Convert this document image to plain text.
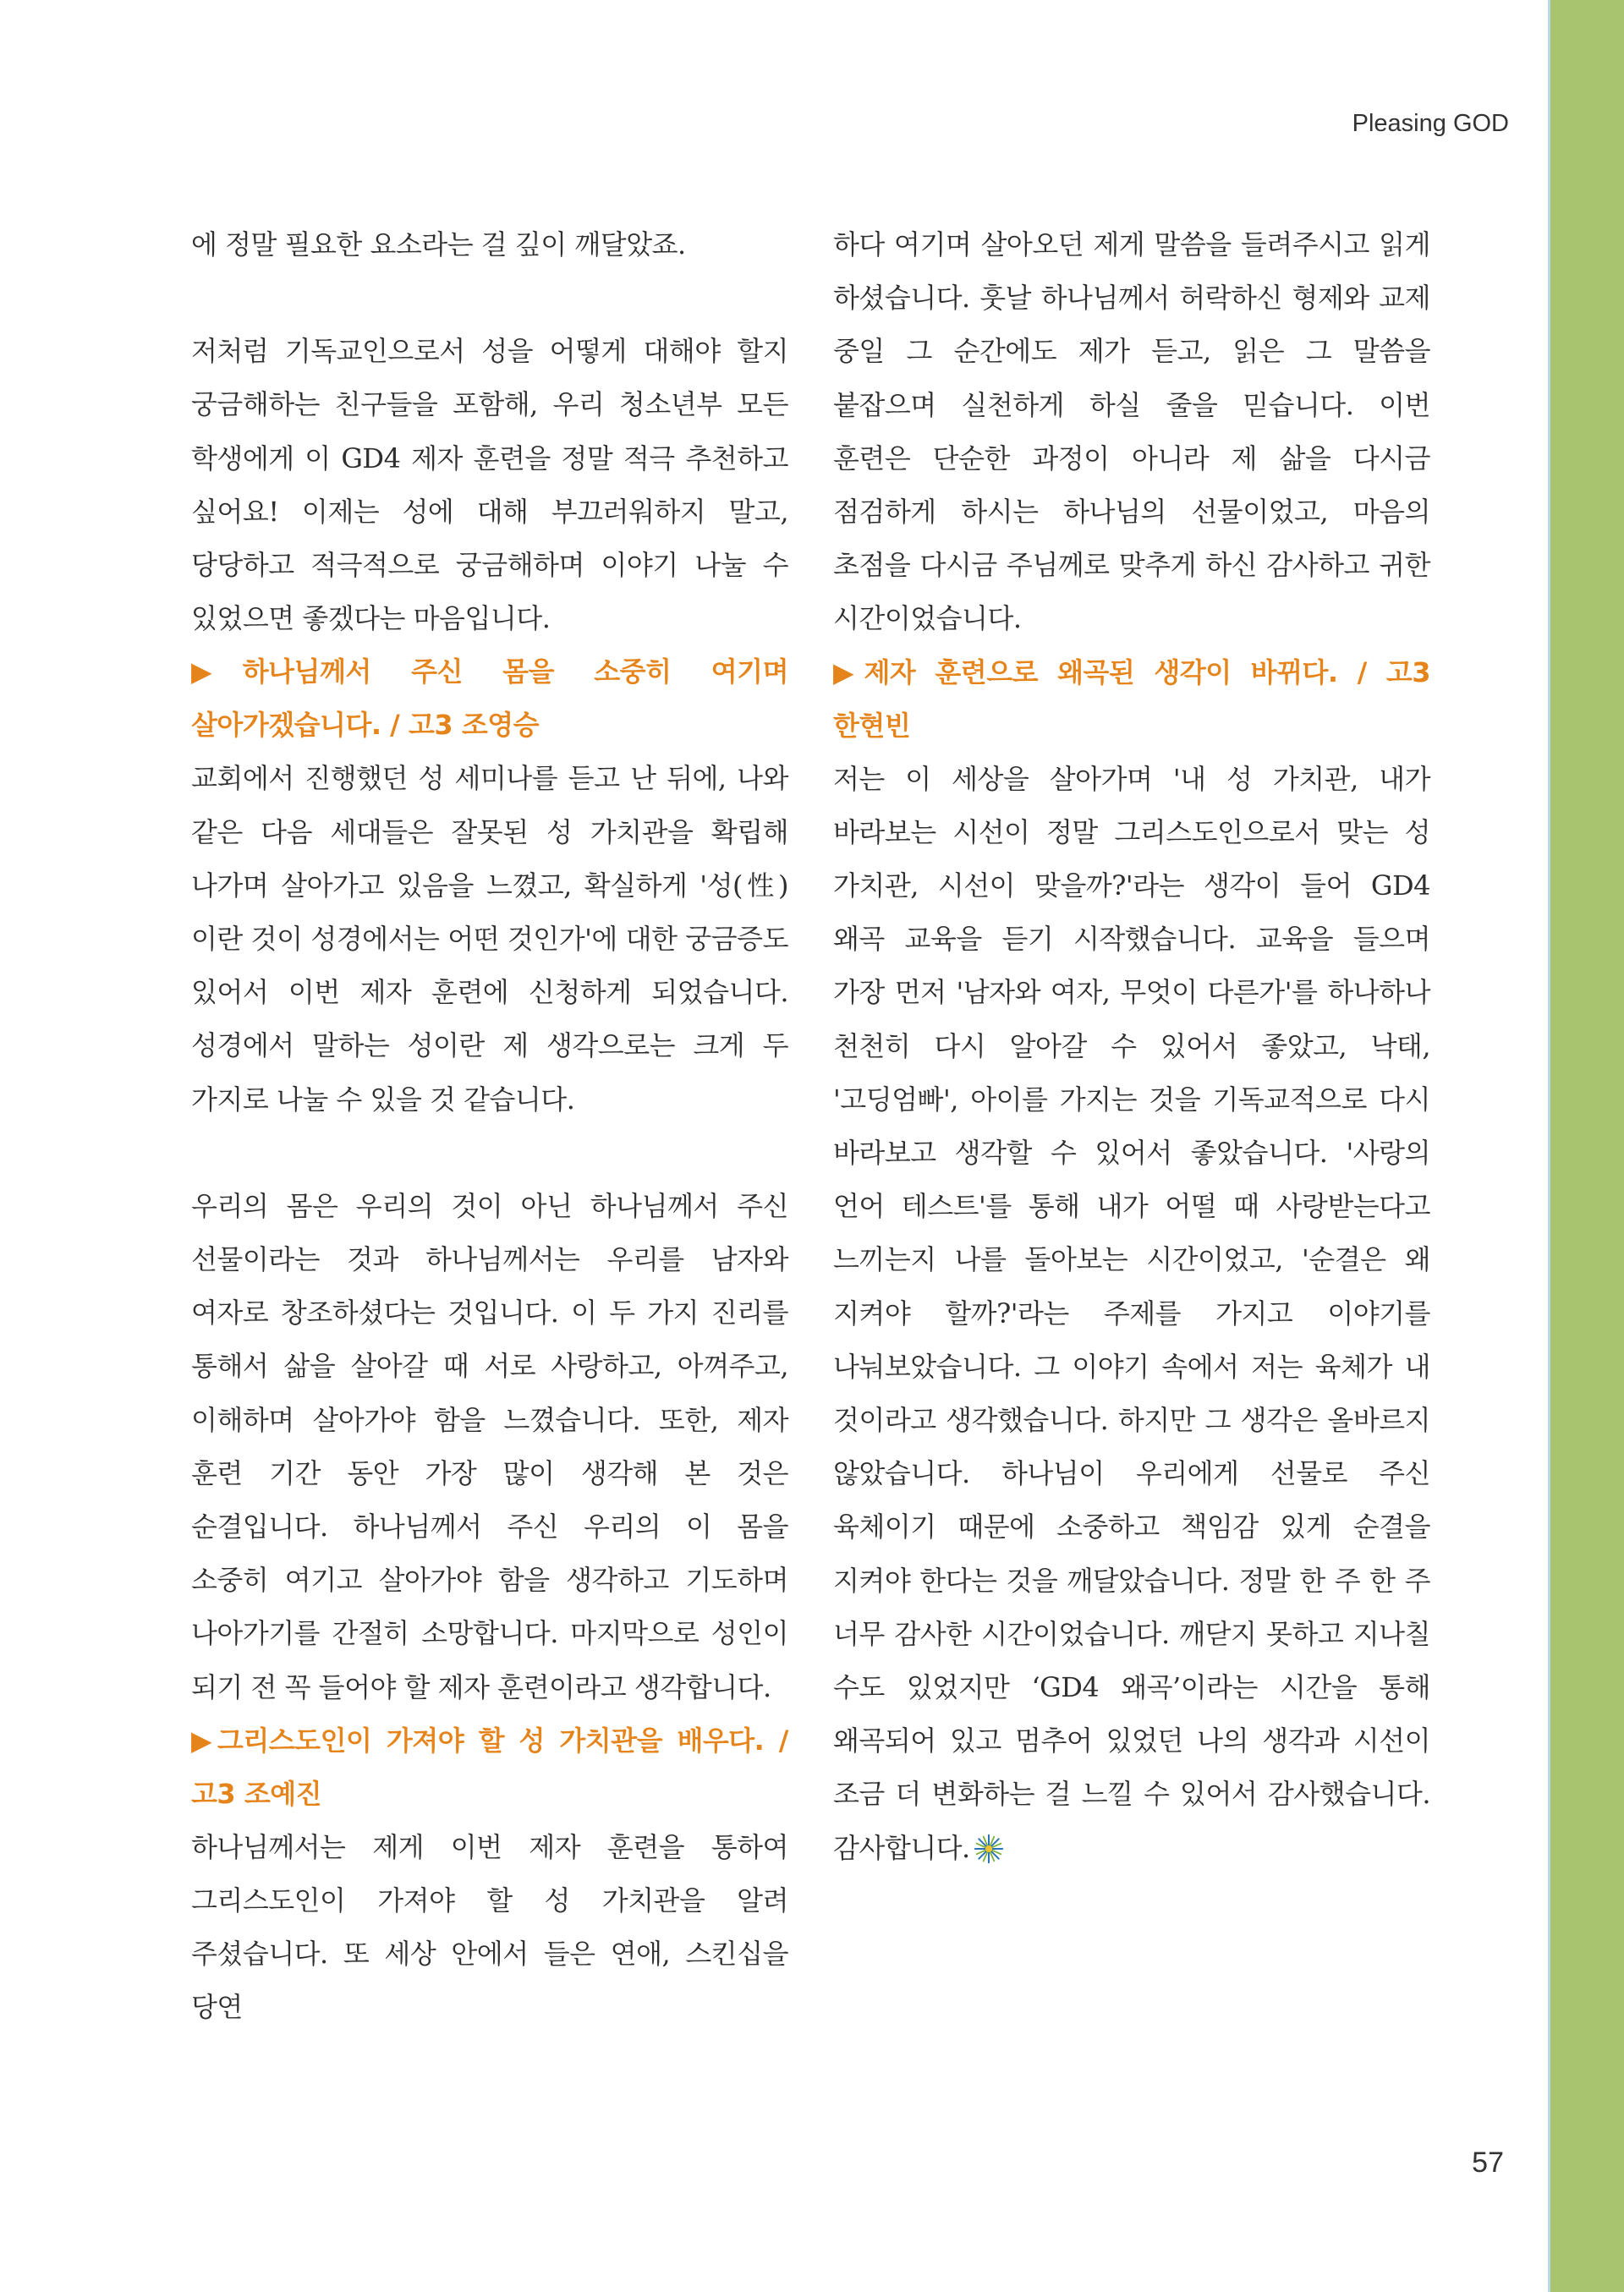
Pleasing GOD

에 정말 필요한 요소라는 걸 깊이 깨달았죠.

저처럼 기독교인으로서 성을 어떻게 대해야 할지 궁금해하는 친구들을 포함해, 우리 청소년부 모든 학생에게 이 GD4 제자 훈련을 정말 적극 추천하고 싶어요! 이제는 성에 대해 부끄러워하지 말고, 당당하고 적극적으로 궁금해하며 이야기 나눌 수 있었으면 좋겠다는 마음입니다.

▶하나님께서 주신 몸을 소중히 여기며 살아가겠습니다. / 고3 조영승

교회에서 진행했던 성 세미나를 듣고 난 뒤에, 나와 같은 다음 세대들은 잘못된 성 가치관을 확립해 나가며 살아가고 있음을 느꼈고, 확실하게 '성(性)이란 것이 성경에서는 어떤 것인가'에 대한 궁금증도 있어서 이번 제자 훈련에 신청하게 되었습니다. 성경에서 말하는 성이란 제 생각으로는 크게 두 가지로 나눌 수 있을 것 같습니다.

우리의 몸은 우리의 것이 아닌 하나님께서 주신 선물이라는 것과 하나님께서는 우리를 남자와 여자로 창조하셨다는 것입니다. 이 두 가지 진리를 통해서 삶을 살아갈 때 서로 사랑하고, 아껴주고, 이해하며 살아가야 함을 느꼈습니다. 또한, 제자 훈련 기간 동안 가장 많이 생각해 본 것은 순결입니다. 하나님께서 주신 우리의 이 몸을 소중히 여기고 살아가야 함을 생각하고 기도하며 나아가기를 간절히 소망합니다. 마지막으로 성인이 되기 전 꼭 들어야 할 제자 훈련이라고 생각합니다.

▶그리스도인이 가져야 할 성 가치관을 배우다. / 고3 조예진

하나님께서는 제게 이번 제자 훈련을 통하여 그리스도인이 가져야 할 성 가치관을 알려 주셨습니다. 또 세상 안에서 들은 연애, 스킨십을 당연

하다 여기며 살아오던 제게 말씀을 들려주시고 읽게 하셨습니다. 훗날 하나님께서 허락하신 형제와 교제 중일 그 순간에도 제가 듣고, 읽은 그 말씀을 붙잡으며 실천하게 하실 줄을 믿습니다. 이번 훈련은 단순한 과정이 아니라 제 삶을 다시금 점검하게 하시는 하나님의 선물이었고, 마음의 초점을 다시금 주님께로 맞추게 하신 감사하고 귀한 시간이었습니다.

▶제자 훈련으로 왜곡된 생각이 바뀌다. / 고3 한현빈

저는 이 세상을 살아가며 '내 성 가치관, 내가 바라보는 시선이 정말 그리스도인으로서 맞는 성 가치관, 시선이 맞을까?'라는 생각이 들어 GD4 왜곡 교육을 듣기 시작했습니다. 교육을 들으며 가장 먼저 '남자와 여자, 무엇이 다른가'를 하나하나 천천히 다시 알아갈 수 있어서 좋았고, 낙태, '고딩엄빠', 아이를 가지는 것을 기독교적으로 다시 바라보고 생각할 수 있어서 좋았습니다. '사랑의 언어 테스트'를 통해 내가 어떨 때 사랑받는다고 느끼는지 나를 돌아보는 시간이었고, '순결은 왜 지켜야 할까?'라는 주제를 가지고 이야기를 나눠보았습니다. 그 이야기 속에서 저는 육체가 내 것이라고 생각했습니다. 하지만 그 생각은 올바르지 않았습니다. 하나님이 우리에게 선물로 주신 육체이기 때문에 소중하고 책임감 있게 순결을 지켜야 한다는 것을 깨달았습니다. 정말 한 주 한 주 너무 감사한 시간이었습니다. 깨닫지 못하고 지나칠 수도 있었지만 ‘GD4 왜곡’이라는 시간을 통해 왜곡되어 있고 멈추어 있었던 나의 생각과 시선이 조금 더 변화하는 걸 느낄 수 있어서 감사했습니다. 감사합니다.

57
